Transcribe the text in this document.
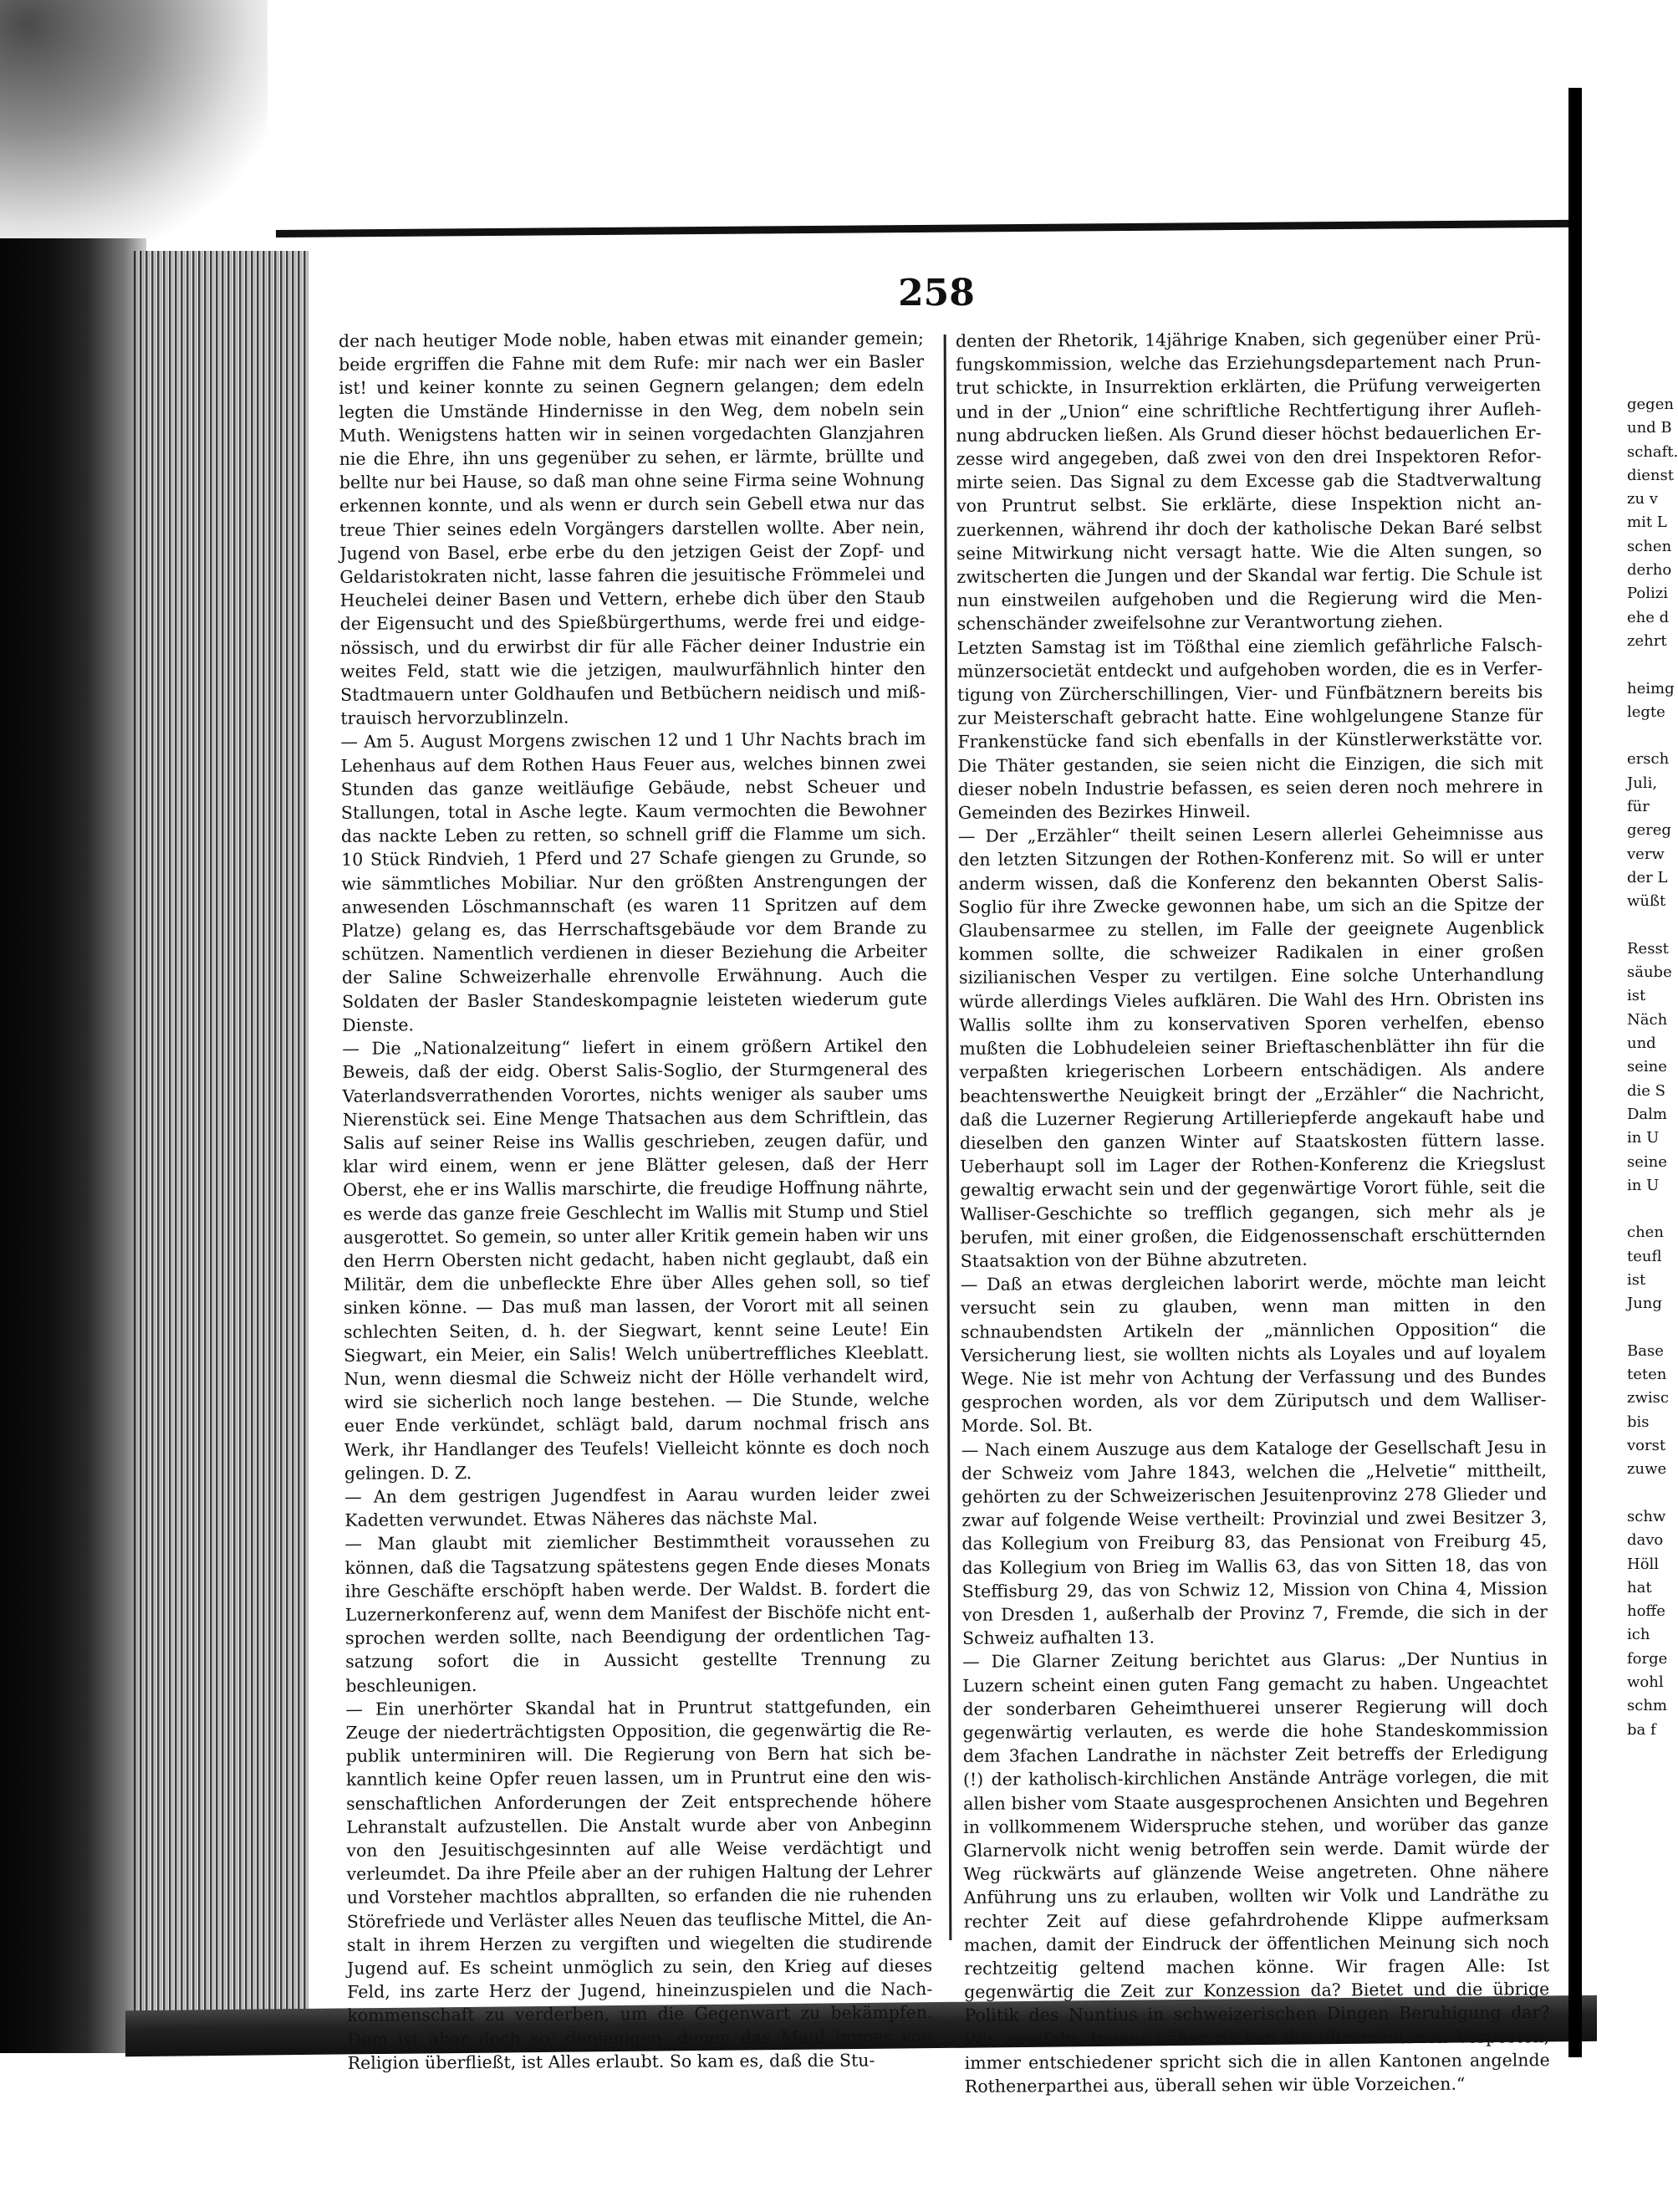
258

der nach heutiger Mode noble, haben etwas mit einander gemein; beide ergriffen die Fahne mit dem Rufe: mir nach wer ein Basler ist! und keiner konnte zu seinen Gegnern gelangen; dem edeln legten die Umstände Hindernisse in den Weg, dem nobeln sein Muth. Wenigstens hatten wir in seinen vorgedachten Glanzjahren nie die Ehre, ihn uns gegenüber zu sehen, er lärmte, brüllte und bellte nur bei Hause, so daß man ohne seine Firma seine Wohnung erkennen konnte, und als wenn er durch sein Gebell etwa nur das treue Thier seines edeln Vorgängers darstellen wollte. Aber nein, Jugend von Basel, erbe erbe du den jetzigen Geist der Zopf- und Geldaristokraten nicht, lasse fahren die jesuitische Frömmelei und Heuchelei deiner Basen und Vettern, erhebe dich über den Staub der Eigensucht und des Spießbürgerthums, werde frei und eidgenössisch, und du erwirbst dir für alle Fächer deiner Industrie ein weites Feld, statt wie die jetzigen, maulwurfähnlich hinter den Stadtmauern unter Goldhaufen und Betbüchern neidisch und mißtrauisch hervorzublinzeln.

— Am 5. August Morgens zwischen 12 und 1 Uhr Nachts brach im Lehenhaus auf dem Rothen Haus Feuer aus, welches binnen zwei Stunden das ganze weitläufige Gebäude, nebst Scheuer und Stallungen, total in Asche legte. Kaum vermochten die Bewohner das nackte Leben zu retten, so schnell griff die Flamme um sich. 10 Stück Rindvieh, 1 Pferd und 27 Schafe giengen zu Grunde, so wie sämmtliches Mobiliar. Nur den größten Anstrengungen der anwesenden Löschmannschaft (es waren 11 Spritzen auf dem Platze) gelang es, das Herrschaftsgebäude vor dem Brande zu schützen. Namentlich verdienen in dieser Beziehung die Arbeiter der Saline Schweizerhalle ehrenvolle Erwähnung. Auch die Soldaten der Basler Standeskompagnie leisteten wiederum gute Dienste.

— Die „Nationalzeitung“ liefert in einem größern Artikel den Beweis, daß der eidg. Oberst Salis-Soglio, der Sturmgeneral des Vaterlandsverrathenden Vorortes, nichts weniger als sauber ums Nierenstück sei. Eine Menge Thatsachen aus dem Schriftlein, das Salis auf seiner Reise ins Wallis geschrieben, zeugen dafür, und klar wird einem, wenn er jene Blätter gelesen, daß der Herr Oberst, ehe er ins Wallis marschirte, die freudige Hoffnung nährte, es werde das ganze freie Geschlecht im Wallis mit Stump und Stiel ausgerottet. So gemein, so unter aller Kritik gemein haben wir uns den Herrn Obersten nicht gedacht, haben nicht geglaubt, daß ein Militär, dem die unbefleckte Ehre über Alles gehen soll, so tief sinken könne. — Das muß man lassen, der Vorort mit all seinen schlechten Seiten, d. h. der Siegwart, kennt seine Leute! Ein Siegwart, ein Meier, ein Salis! Welch unübertreffliches Kleeblatt. Nun, wenn diesmal die Schweiz nicht der Hölle verhandelt wird, wird sie sicherlich noch lange bestehen. — Die Stunde, welche euer Ende verkündet, schlägt bald, darum nochmal frisch ans Werk, ihr Handlanger des Teufels! Vielleicht könnte es doch noch gelingen. D. Z.

— An dem gestrigen Jugendfest in Aarau wurden leider zwei Kadetten verwundet. Etwas Näheres das nächste Mal.

— Man glaubt mit ziemlicher Bestimmtheit voraussehen zu können, daß die Tagsatzung spätestens gegen Ende dieses Monats ihre Geschäfte erschöpft haben werde. Der Waldst. B. fordert die Luzernerkonferenz auf, wenn dem Manifest der Bischöfe nicht entsprochen werden sollte, nach Beendigung der ordentlichen Tagsatzung sofort die in Aussicht gestellte Trennung zu beschleunigen.

— Ein unerhörter Skandal hat in Pruntrut stattgefunden, ein Zeuge der niederträchtigsten Opposition, die gegenwärtig die Republik unterminiren will. Die Regierung von Bern hat sich bekanntlich keine Opfer reuen lassen, um in Pruntrut eine den wissenschaftlichen Anforderungen der Zeit entsprechende höhere Lehranstalt aufzustellen. Die Anstalt wurde aber von Anbeginn von den Jesuitischgesinnten auf alle Weise verdächtigt und verleumdet. Da ihre Pfeile aber an der ruhigen Haltung der Lehrer und Vorsteher machtlos abprallten, so erfanden die nie ruhenden Störefriede und Verläster alles Neuen das teuflische Mittel, die Anstalt in ihrem Herzen zu vergiften und wiegelten die studirende Jugend auf. Es scheint unmöglich zu sein, den Krieg auf dieses Feld, ins zarte Herz der Jugend, hineinzuspielen und die Nachkommenschaft zu verderben, um die Gegenwart zu bekämpfen. Dem ist aber doch so; denjenigen, denen das Maul immer von Religion überfließt, ist Alles erlaubt. So kam es, daß die Stu-

denten der Rhetorik, 14jährige Knaben, sich gegenüber einer Prüfungskommission, welche das Erziehungsdepartement nach Pruntrut schickte, in Insurrektion erklärten, die Prüfung verweigerten und in der „Union“ eine schriftliche Rechtfertigung ihrer Auflehnung abdrucken ließen. Als Grund dieser höchst bedauerlichen Erzesse wird angegeben, daß zwei von den drei Inspektoren Reformirte seien. Das Signal zu dem Excesse gab die Stadtverwaltung von Pruntrut selbst. Sie erklärte, diese Inspektion nicht anzuerkennen, während ihr doch der katholische Dekan Baré selbst seine Mitwirkung nicht versagt hatte. Wie die Alten sungen, so zwitscherten die Jungen und der Skandal war fertig. Die Schule ist nun einstweilen aufgehoben und die Regierung wird die Menschenschänder zweifelsohne zur Verantwortung ziehen.

Letzten Samstag ist im Tößthal eine ziemlich gefährliche Falschmünzersocietät entdeckt und aufgehoben worden, die es in Verfertigung von Zürcherschillingen, Vier- und Fünfbätznern bereits bis zur Meisterschaft gebracht hatte. Eine wohlgelungene Stanze für Frankenstücke fand sich ebenfalls in der Künstlerwerkstätte vor. Die Thäter gestanden, sie seien nicht die Einzigen, die sich mit dieser nobeln Industrie befassen, es seien deren noch mehrere in Gemeinden des Bezirkes Hinweil.

— Der „Erzähler“ theilt seinen Lesern allerlei Geheimnisse aus den letzten Sitzungen der Rothen-Konferenz mit. So will er unter anderm wissen, daß die Konferenz den bekannten Oberst Salis-Soglio für ihre Zwecke gewonnen habe, um sich an die Spitze der Glaubensarmee zu stellen, im Falle der geeignete Augenblick kommen sollte, die schweizer Radikalen in einer großen sizilianischen Vesper zu vertilgen. Eine solche Unterhandlung würde allerdings Vieles aufklären. Die Wahl des Hrn. Obristen ins Wallis sollte ihm zu konservativen Sporen verhelfen, ebenso mußten die Lobhudeleien seiner Brieftaschenblätter ihn für die verpaßten kriegerischen Lorbeern entschädigen. Als andere beachtenswerthe Neuigkeit bringt der „Erzähler“ die Nachricht, daß die Luzerner Regierung Artilleriepferde angekauft habe und dieselben den ganzen Winter auf Staatskosten füttern lasse. Ueberhaupt soll im Lager der Rothen-Konferenz die Kriegslust gewaltig erwacht sein und der gegenwärtige Vorort fühle, seit die Walliser-Geschichte so trefflich gegangen, sich mehr als je berufen, mit einer großen, die Eidgenossenschaft erschütternden Staatsaktion von der Bühne abzutreten.

— Daß an etwas dergleichen laborirt werde, möchte man leicht versucht sein zu glauben, wenn man mitten in den schnaubendsten Artikeln der „männlichen Opposition“ die Versicherung liest, sie wollten nichts als Loyales und auf loyalem Wege. Nie ist mehr von Achtung der Verfassung und des Bundes gesprochen worden, als vor dem Züriputsch und dem Walliser-Morde. Sol. Bt.

— Nach einem Auszuge aus dem Kataloge der Gesellschaft Jesu in der Schweiz vom Jahre 1843, welchen die „Helvetie“ mittheilt, gehörten zu der Schweizerischen Jesuitenprovinz 278 Glieder und zwar auf folgende Weise vertheilt: Provinzial und zwei Besitzer 3, das Kollegium von Freiburg 83, das Pensionat von Freiburg 45, das Kollegium von Brieg im Wallis 63, das von Sitten 18, das von Steffisburg 29, das von Schwiz 12, Mission von China 4, Mission von Dresden 1, außerhalb der Provinz 7, Fremde, die sich in der Schweiz aufhalten 13.

— Die Glarner Zeitung berichtet aus Glarus: „Der Nuntius in Luzern scheint einen guten Fang gemacht zu haben. Ungeachtet der sonderbaren Geheimthuerei unserer Regierung will doch gegenwärtig verlauten, es werde die hohe Standeskommission dem 3fachen Landrathe in nächster Zeit betreffs der Erledigung (!) der katholisch-kirchlichen Anstände Anträge vorlegen, die mit allen bisher vom Staate ausgesprochenen Ansichten und Begehren in vollkommenem Widerspruche stehen, und worüber das ganze Glarnervolk nicht wenig betroffen sein werde. Damit würde der Weg rückwärts auf glänzende Weise angetreten. Ohne nähere Anführung uns zu erlauben, wollten wir Volk und Landräthe zu rechter Zeit auf diese gefahrdrohende Klippe aufmerksam machen, damit der Eindruck der öffentlichen Meinung sich noch rechtzeitig geltend machen könne. Wir fragen Alle: Ist gegenwärtig die Zeit zur Konzession da? Bietet und die übrige Politik des Nuntius in schweizerischen Dingen Beruhigung dar? Wir zweifeln. Immer näher rücken die ultramontanen Vorposten; immer entschiedener spricht sich die in allen Kantonen angelnde Rothenerparthei aus, überall sehen wir üble Vorzeichen.“

gegen
und B
schaft.
dienst
zu v
mit L
schen
derho
Polizi
ehe d
zehrt
heimg
legte
ersch
Juli,
für
gereg
verw
der L
wüßt
Resst
säube
ist
Näch
und
seine
die S
Dalm
in U
seine
in U
chen
teufl
ist
Jung
Base
teten
zwisc
bis
vorst
zuwe
schw
davo
Höll
hat
hoffe
ich
forge
wohl
schm
ba f
